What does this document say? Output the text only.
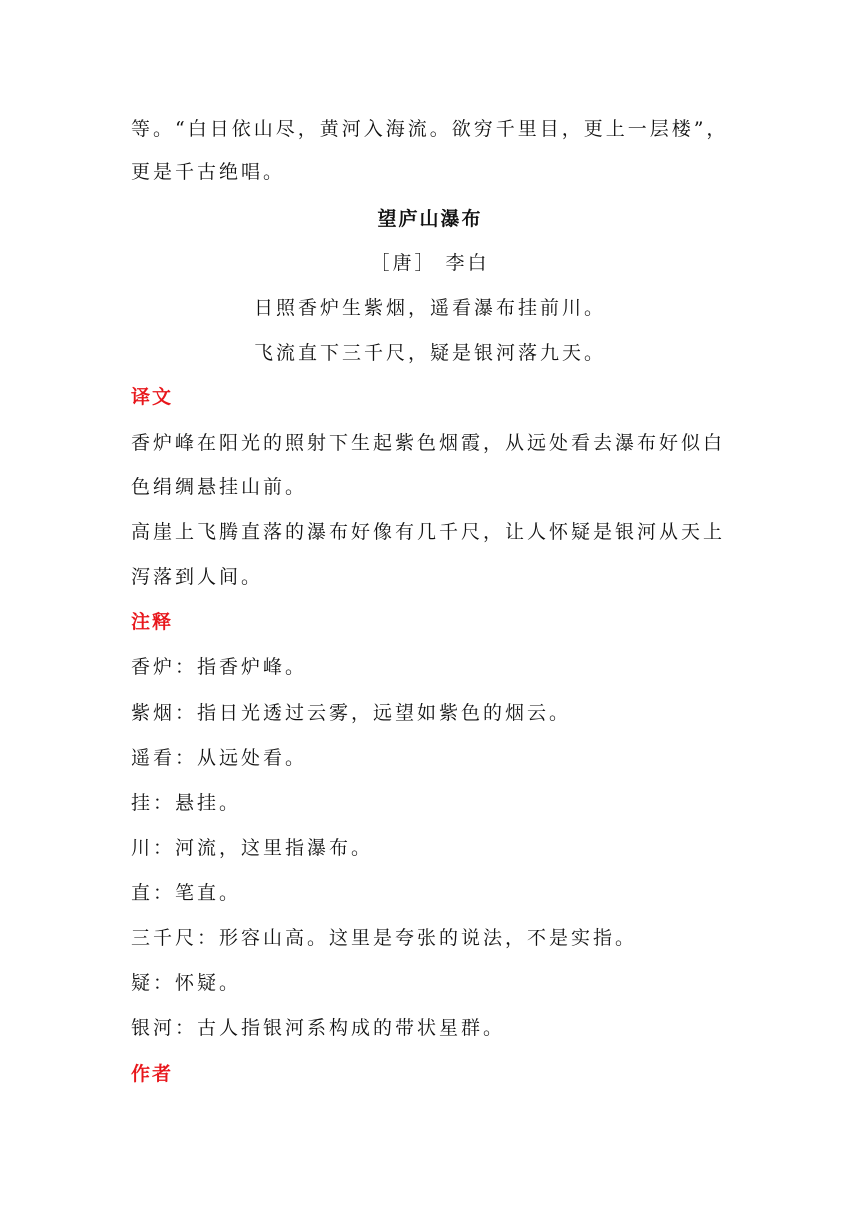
等。“白日依山尽，黄河入海流。欲穷千里目，更上一层楼”，
更是千古绝唱。
望庐山瀑布
［唐］ 李白
日照香炉生紫烟，遥看瀑布挂前川。
飞流直下三千尺，疑是银河落九天。
译文
香炉峰在阳光的照射下生起紫色烟霞，从远处看去瀑布好似白
色绢绸悬挂山前。
高崖上飞腾直落的瀑布好像有几千尺，让人怀疑是银河从天上
泻落到人间。
注释
香炉：指香炉峰。
紫烟：指日光透过云雾，远望如紫色的烟云。
遥看：从远处看。
挂：悬挂。
川：河流，这里指瀑布。
直：笔直。
三千尺：形容山高。这里是夸张的说法，不是实指。
疑：怀疑。
银河：古人指银河系构成的带状星群。
作者
